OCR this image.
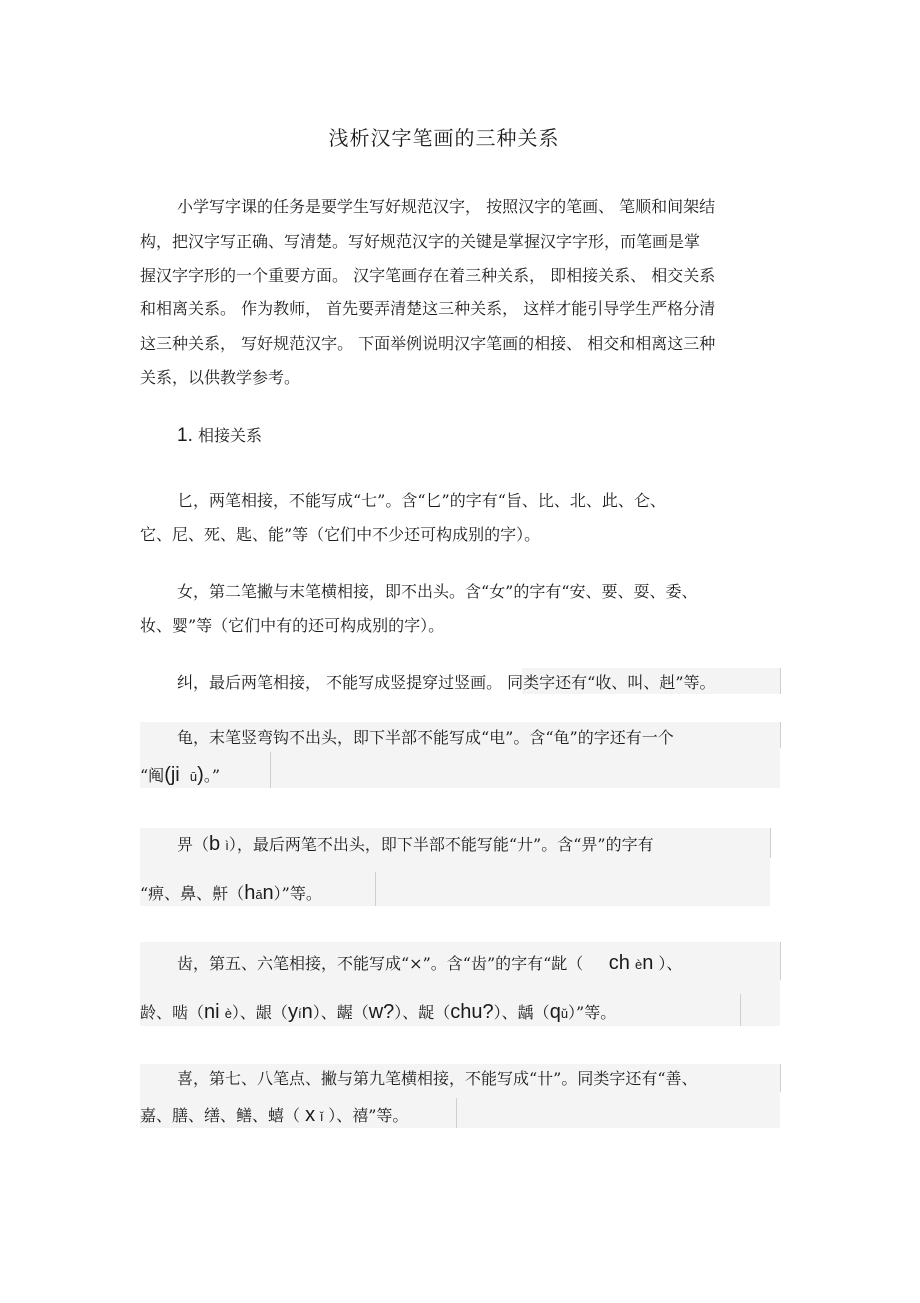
浅析汉字笔画的三种关系
小学写字课的任务是要学生写好规范汉字， 按照汉字的笔画、 笔顺和间架结
构，把汉字写正确、写清楚。写好规范汉字的关键是掌握汉字字形，而笔画是掌
握汉字字形的一个重要方面。 汉字笔画存在着三种关系， 即相接关系、 相交关系
和相离关系。 作为教师， 首先要弄清楚这三种关系， 这样才能引导学生严格分清
这三种关系， 写好规范汉字。 下面举例说明汉字笔画的相接、 相交和相离这三种
关系，以供教学参考。
1. 相接关系
匕，两笔相接，不能写成“七”。含“匕”的字有“旨、比、北、此、仑、
它、尼、死、匙、能”等（它们中不少还可构成别的字）。
女，第二笔撇与末笔横相接，即不出头。含“女”的字有“安、要、耍、委、
妆、婴”等（它们中有的还可构成别的字）。
纠，最后两笔相接， 不能写成竖提穿过竖画。 同类字还有“收、叫、赳”等。
龟，末笔竖弯钩不出头，即下半部不能写成“电”。含“龟”的字还有一个
“阄(ji ū)。”
畀（b ì），最后两笔不出头，即下半部不能写能“廾”。含“畀”的字有
“痹、鼻、鼾（hān）”等。
齿，第五、六笔相接，不能写成“×”。含“齿”的字有“龀（ ch èn ）、
龄、啮（ni è）、龈（yín）、龌（w?）、龊（chu?）、龋（qǔ）”等。
喜，第七、八笔点、撇与第九笔横相接，不能写成“卄”。同类字还有“善、
嘉、膳、缮、鳝、蟢（ x ǐ ）、禧”等。
